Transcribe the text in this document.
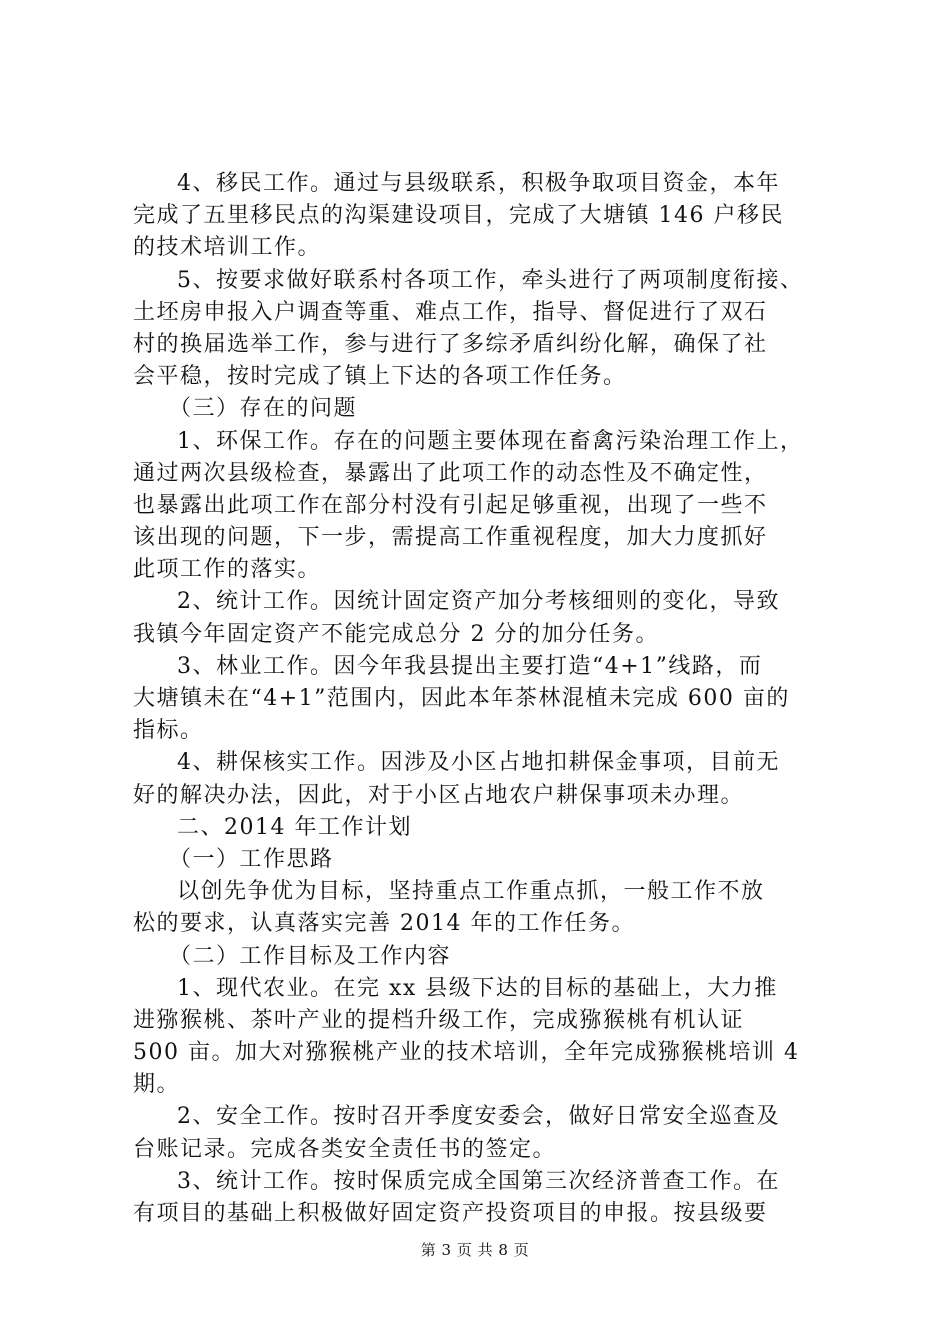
4、移民工作。通过与县级联系，积极争取项目资金，本年
完成了五里移民点的沟渠建设项目，完成了大塘镇 146 户移民
的技术培训工作。
5、按要求做好联系村各项工作，牵头进行了两项制度衔接、
土坯房申报入户调查等重、难点工作，指导、督促进行了双石
村的换届选举工作，参与进行了多综矛盾纠纷化解，确保了社
会平稳，按时完成了镇上下达的各项工作任务。
（三）存在的问题
1、环保工作。存在的问题主要体现在畜禽污染治理工作上，
通过两次县级检查，暴露出了此项工作的动态性及不确定性，
也暴露出此项工作在部分村没有引起足够重视，出现了一些不
该出现的问题，下一步，需提高工作重视程度，加大力度抓好
此项工作的落实。
2、统计工作。因统计固定资产加分考核细则的变化，导致
我镇今年固定资产不能完成总分 2 分的加分任务。
3、林业工作。因今年我县提出主要打造“4+1”线路，而
大塘镇未在“4+1”范围内，因此本年茶林混植未完成 600 亩的
指标。
4、耕保核实工作。因涉及小区占地扣耕保金事项，目前无
好的解决办法，因此，对于小区占地农户耕保事项未办理。
二、2014 年工作计划
（一）工作思路
以创先争优为目标，坚持重点工作重点抓，一般工作不放
松的要求，认真落实完善 2014 年的工作任务。
（二）工作目标及工作内容
1、现代农业。在完 xx 县级下达的目标的基础上，大力推
进猕猴桃、茶叶产业的提档升级工作，完成猕猴桃有机认证
500 亩。加大对猕猴桃产业的技术培训，全年完成猕猴桃培训 4
期。
2、安全工作。按时召开季度安委会，做好日常安全巡查及
台账记录。完成各类安全责任书的签定。
3、统计工作。按时保质完成全国第三次经济普查工作。在
有项目的基础上积极做好固定资产投资项目的申报。按县级要
第 3 页 共 8 页
